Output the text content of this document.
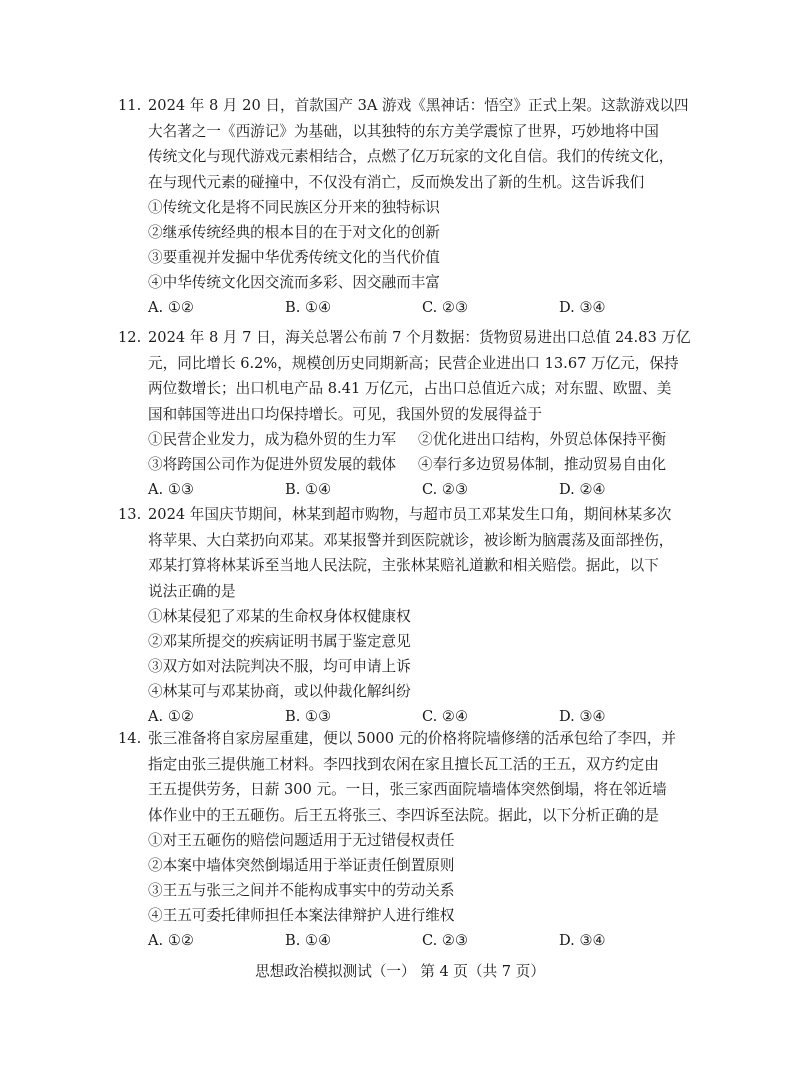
11. 2024 年 8 月 20 日，首款国产 3A 游戏《黑神话：悟空》正式上架。这款游戏以四
大名著之一《西游记》为基础，以其独特的东方美学震惊了世界，巧妙地将中国
传统文化与现代游戏元素相结合，点燃了亿万玩家的文化自信。我们的传统文化，
在与现代元素的碰撞中，不仅没有消亡，反而焕发出了新的生机。这告诉我们
①传统文化是将不同民族区分开来的独特标识
②继承传统经典的根本目的在于对文化的创新
③要重视并发掘中华优秀传统文化的当代价值
④中华传统文化因交流而多彩、因交融而丰富
A. ①②	B. ①④	C. ②③	D. ③④
12. 2024 年 8 月 7 日，海关总署公布前 7 个月数据：货物贸易进出口总值 24.83 万亿
元，同比增长 6.2%，规模创历史同期新高；民营企业进出口 13.67 万亿元，保持
两位数增长；出口机电产品 8.41 万亿元，占出口总值近六成；对东盟、欧盟、美
国和韩国等进出口均保持增长。可见，我国外贸的发展得益于
①民营企业发力，成为稳外贸的生力军	②优化进出口结构，外贸总体保持平衡
③将跨国公司作为促进外贸发展的载体	④奉行多边贸易体制，推动贸易自由化
A. ①③	B. ①④	C. ②③	D. ②④
13. 2024 年国庆节期间，林某到超市购物，与超市员工邓某发生口角，期间林某多次
将苹果、大白菜扔向邓某。邓某报警并到医院就诊，被诊断为脑震荡及面部挫伤，
邓某打算将林某诉至当地人民法院，主张林某赔礼道歉和相关赔偿。据此，以下
说法正确的是
①林某侵犯了邓某的生命权身体权健康权
②邓某所提交的疾病证明书属于鉴定意见
③双方如对法院判决不服，均可申请上诉
④林某可与邓某协商，或以仲裁化解纠纷
A. ①②	B. ①③	C. ②④	D. ③④
14. 张三准备将自家房屋重建，便以 5000 元的价格将院墙修缮的活承包给了李四，并
指定由张三提供施工材料。李四找到农闲在家且擅长瓦工活的王五，双方约定由
王五提供劳务，日薪 300 元。一日，张三家西面院墙墙体突然倒塌，将在邻近墙
体作业中的王五砸伤。后王五将张三、李四诉至法院。据此，以下分析正确的是
①对王五砸伤的赔偿问题适用于无过错侵权责任
②本案中墙体突然倒塌适用于举证责任倒置原则
③王五与张三之间并不能构成事实中的劳动关系
④王五可委托律师担任本案法律辩护人进行维权
A. ①②	B. ①④	C. ②③	D. ③④
思想政治模拟测试（一） 第 4 页（共 7 页）
